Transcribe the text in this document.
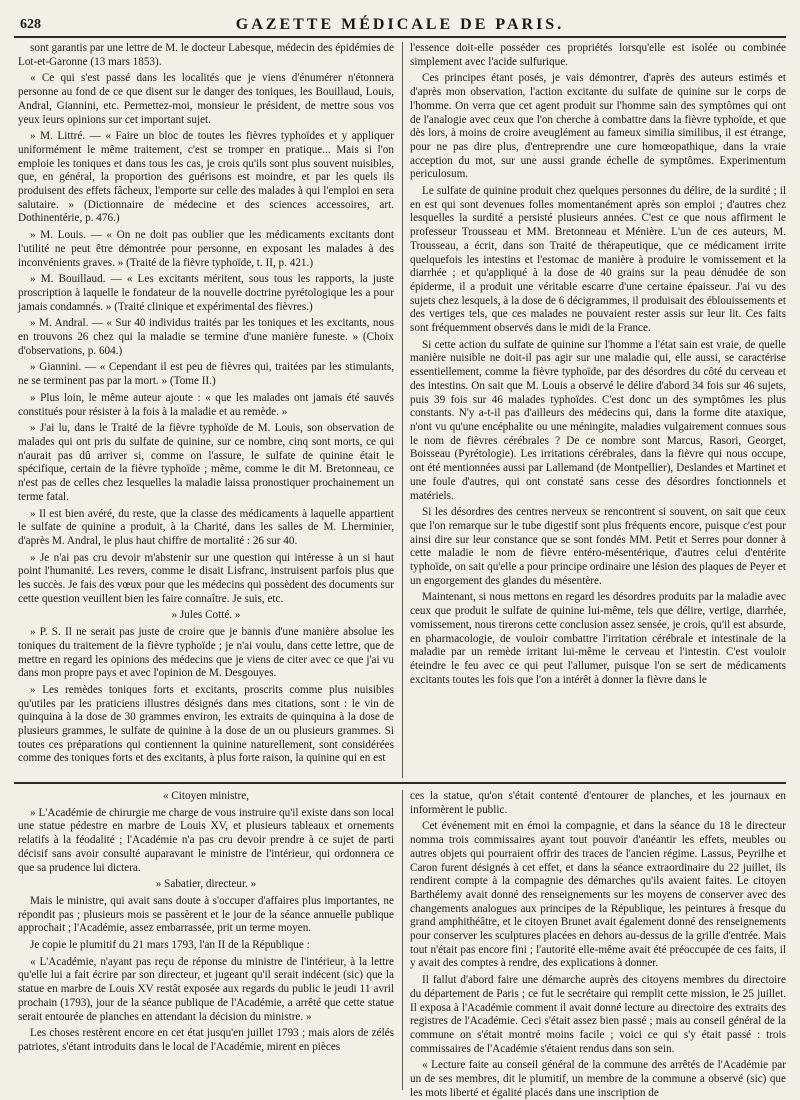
628	GAZETTE MÉDICALE DE PARIS.

sont garantis par une lettre de M. le docteur Labesque, médecin des épidémies de Lot-et-Garonne (13 mars 1853).

« Ce qui s'est passé dans les localités que je viens d'énumérer n'étonnera personne au fond de ce que disent sur le danger des toniques, les Bouillaud, Louis, Andral, Giannini, etc. Permettez-moi, monsieur le président, de mettre sous vos yeux leurs opinions sur cet important sujet.

» M. Littré. — « Faire un bloc de toutes les fièvres typhoïdes et y appliquer uniformément le même traitement, c'est se tromper en pratique... Mais si l'on emploie les toniques et dans tous les cas, je crois qu'ils sont plus souvent nuisibles, que, en général, la proportion des guérisons est moindre, et par les quels ils produisent des effets fâcheux, l'emporte sur celle des malades à qui l'emploi en sera salutaire. » (Dictionnaire de médecine et des sciences accessoires, art. Dothinentérie, p. 476.)

» M. Louis. — « On ne doit pas oublier que les médicaments excitants dont l'utilité ne peut être démontrée pour personne, en exposant les malades à des inconvénients graves. » (Traité de la fièvre typhoïde, t. II, p. 421.)

» M. Bouillaud. — « Les excitants méritent, sous tous les rapports, la juste proscription à laquelle le fondateur de la nouvelle doctrine pyrétologique les a pour jamais condamnés. » (Traité clinique et expérimental des fièvres.)

» M. Andral. — « Sur 40 individus traités par les toniques et les excitants, nous en trouvons 26 chez qui la maladie se termine d'une manière funeste. » (Choix d'observations, p. 604.)

» Giannini. — « Cependant il est peu de fièvres qui, traitées par les stimulants, ne se terminent pas par la mort. » (Tome II.)

» Plus loin, le même auteur ajoute : « que les malades ont jamais été sauvés constitués pour résister à la fois à la maladie et au remède. »

» J'ai lu, dans le Traité de la fièvre typhoïde de M. Louis, son observation de malades qui ont pris du sulfate de quinine, sur ce nombre, cinq sont morts, ce qui n'aurait pas dû arriver si, comme on l'assure, le sulfate de quinine était le spécifique, certain de la fièvre typhoïde ; même, comme le dit M. Bretonneau, ce n'est pas de celles chez lesquelles la maladie laissa pronostiquer prochainement un terme fatal.

» Il est bien avéré, du reste, que la classe des médicaments à laquelle appartient le sulfate de quinine a produit, à la Charité, dans les salles de M. Lherminier, d'après M. Andral, le plus haut chiffre de mortalité : 26 sur 40.

» Je n'ai pas cru devoir m'abstenir sur une question qui intéresse à un si haut point l'humanité. Les revers, comme le disait Lisfranc, instruisent parfois plus que les succès. Je fais des vœux pour que les médecins qui possèdent des documents sur cette question veuillent bien les faire connaître. Je suis, etc.

» Jules Cotté. »

» P. S. Il ne serait pas juste de croire que je bannis d'une manière absolue les toniques du traitement de la fièvre typhoïde ; je n'ai voulu, dans cette lettre, que de mettre en regard les opinions des médecins que je viens de citer avec ce que j'ai vu dans mon propre pays et avec l'opinion de M. Desgouyes.

» Les remèdes toniques forts et excitants, proscrits comme plus nuisibles qu'utiles par les praticiens illustres désignés dans mes citations, sont : le vin de quinquina à la dose de 30 grammes environ, les extraits de quinquina à la dose de plusieurs grammes, le sulfate de quinine à la dose de un ou plusieurs grammes. Si toutes ces préparations qui contiennent la quinine naturellement, sont considérées comme des toniques forts et des excitants, à plus forte raison, la quinine qui en est

l'essence doit-elle posséder ces propriétés lorsqu'elle est isolée ou combinée simplement avec l'acide sulfurique.

Ces principes étant posés, je vais démontrer, d'après des auteurs estimés et d'après mon observation, l'action excitante du sulfate de quinine sur le corps de l'homme. On verra que cet agent produit sur l'homme sain des symptômes qui ont de l'analogie avec ceux que l'on cherche à combattre dans la fièvre typhoïde, et que dès lors, à moins de croire aveuglément au fameux similia similibus, il est étrange, pour ne pas dire plus, d'entreprendre une cure homœopathique, dans la vraie acception du mot, sur une aussi grande échelle de symptômes. Experimentum periculosum.

Le sulfate de quinine produit chez quelques personnes du délire, de la surdité ; il en est qui sont devenues folles momentanément après son emploi ; d'autres chez lesquelles la surdité a persisté plusieurs années. C'est ce que nous affirment le professeur Trousseau et MM. Bretonneau et Ménière. L'un de ces auteurs, M. Trousseau, a écrit, dans son Traité de thérapeutique, que ce médicament irrite quelquefois les intestins et l'estomac de manière à produire le vomissement et la diarrhée ; et qu'appliqué à la dose de 40 grains sur la peau dénudée de son épiderme, il a produit une véritable escarre d'une certaine épaisseur. J'ai vu des sujets chez lesquels, à la dose de 6 décigrammes, il produisait des éblouissements et des vertiges tels, que ces malades ne pouvaient rester assis sur leur lit. Ces faits sont fréquemment observés dans le midi de la France.

Si cette action du sulfate de quinine sur l'homme a l'état sain est vraie, de quelle manière nuisible ne doit-il pas agir sur une maladie qui, elle aussi, se caractérise essentiellement, comme la fièvre typhoïde, par des désordres du côté du cerveau et des intestins. On sait que M. Louis a observé le délire d'abord 34 fois sur 46 sujets, puis 39 fois sur 46 malades typhoïdes. C'est donc un des symptômes les plus constants. N'y a-t-il pas d'ailleurs des médecins qui, dans la forme dite ataxique, n'ont vu qu'une encéphalite ou une méningite, maladies vulgairement connues sous le nom de fièvres cérébrales ? De ce nombre sont Marcus, Rasori, Georget, Boisseau (Pyrétologie). Les irritations cérébrales, dans la fièvre qui nous occupe, ont été mentionnées aussi par Lallemand (de Montpellier), Deslandes et Martinet et une foule d'autres, qui ont constaté sans cesse des désordres fonctionnels et matériels.

Si les désordres des centres nerveux se rencontrent si souvent, on sait que ceux que l'on remarque sur le tube digestif sont plus fréquents encore, puisque c'est pour ainsi dire sur leur constance que se sont fondés MM. Petit et Serres pour donner à cette maladie le nom de fièvre entéro-mésentérique, d'autres celui d'entérite typhoïde, on sait qu'elle a pour principe ordinaire une lésion des plaques de Peyer et un engorgement des glandes du mésentère.

Maintenant, si nous mettons en regard les désordres produits par la maladie avec ceux que produit le sulfate de quinine lui-même, tels que délire, vertige, diarrhée, vomissement, nous tirerons cette conclusion assez sensée, je crois, qu'il est absurde, en pharmacologie, de vouloir combattre l'irritation cérébrale et intestinale de la maladie par un remède irritant lui-même le cerveau et l'intestin. C'est vouloir éteindre le feu avec ce qui peut l'allumer, puisque l'on se sert de médicaments excitants toutes les fois que l'on a intérêt à donner la fièvre dans le

« Citoyen ministre,

» L'Académie de chirurgie me charge de vous instruire qu'il existe dans son local une statue pédestre en marbre de Louis XV, et plusieurs tableaux et ornements relatifs à la féodalité ; l'Académie n'a pas cru devoir prendre à ce sujet de parti décisif sans avoir consulté auparavant le ministre de l'intérieur, qui ordonnera ce que sa prudence lui dictera.

» Sabatier, directeur. »

Mais le ministre, qui avait sans doute à s'occuper d'affaires plus importantes, ne répondit pas ; plusieurs mois se passèrent et le jour de la séance annuelle publique approchait ; l'Académie, assez embarrassée, prit un terme moyen.

Je copie le plumitif du 21 mars 1793, l'an II de la République :

« L'Académie, n'ayant pas reçu de réponse du ministre de l'intérieur, à la lettre qu'elle lui a fait écrire par son directeur, et jugeant qu'il serait indécent (sic) que la statue en marbre de Louis XV restât exposée aux regards du public le jeudi 11 avril prochain (1793), jour de la séance publique de l'Académie, a arrêté que cette statue serait entourée de planches en attendant la décision du ministre. »

Les choses restèrent encore en cet état jusqu'en juillet 1793 ; mais alors de zélés patriotes, s'étant introduits dans le local de l'Académie, mirent en pièces

ces la statue, qu'on s'était contenté d'entourer de planches, et les journaux en informèrent le public.

Cet événement mit en émoi la compagnie, et dans la séance du 18 le directeur nomma trois commissaires ayant tout pouvoir d'anéantir les effets, meubles ou autres objets qui pourraient offrir des traces de l'ancien régime. Lassus, Peyrilhe et Caron furent désignés à cet effet, et dans la séance extraordinaire du 22 juillet, ils rendirent compte à la compagnie des démarches qu'ils avaient faites. Le citoyen Barthélemy avait donné des renseignements sur les moyens de conserver avec des changements analogues aux principes de la République, les peintures à fresque du grand amphithéâtre, et le citoyen Brunet avait également donné des renseignements pour conserver les sculptures placées en dehors au-dessus de la grille d'entrée. Mais tout n'était pas encore fini ; l'autorité elle-même avait été préoccupée de ces faits, il y avait des comptes à rendre, des explications à donner.

Il fallut d'abord faire une démarche auprès des citoyens membres du directoire du département de Paris ; ce fut le secrétaire qui remplit cette mission, le 25 juillet. Il exposa à l'Académie comment il avait donné lecture au directoire des extraits des registres de l'Académie. Ceci s'était assez bien passé ; mais au conseil général de la commune on s'était montré moins facile ; voici ce qui s'y était passé : trois commissaires de l'Académie s'étaient rendus dans son sein.

« Lecture faite au conseil général de la commune des arrêtés de l'Académie par un de ses membres, dit le plumitif, un membre de la commune a observé (sic) que les mots liberté et égalité placés dans une inscription de
